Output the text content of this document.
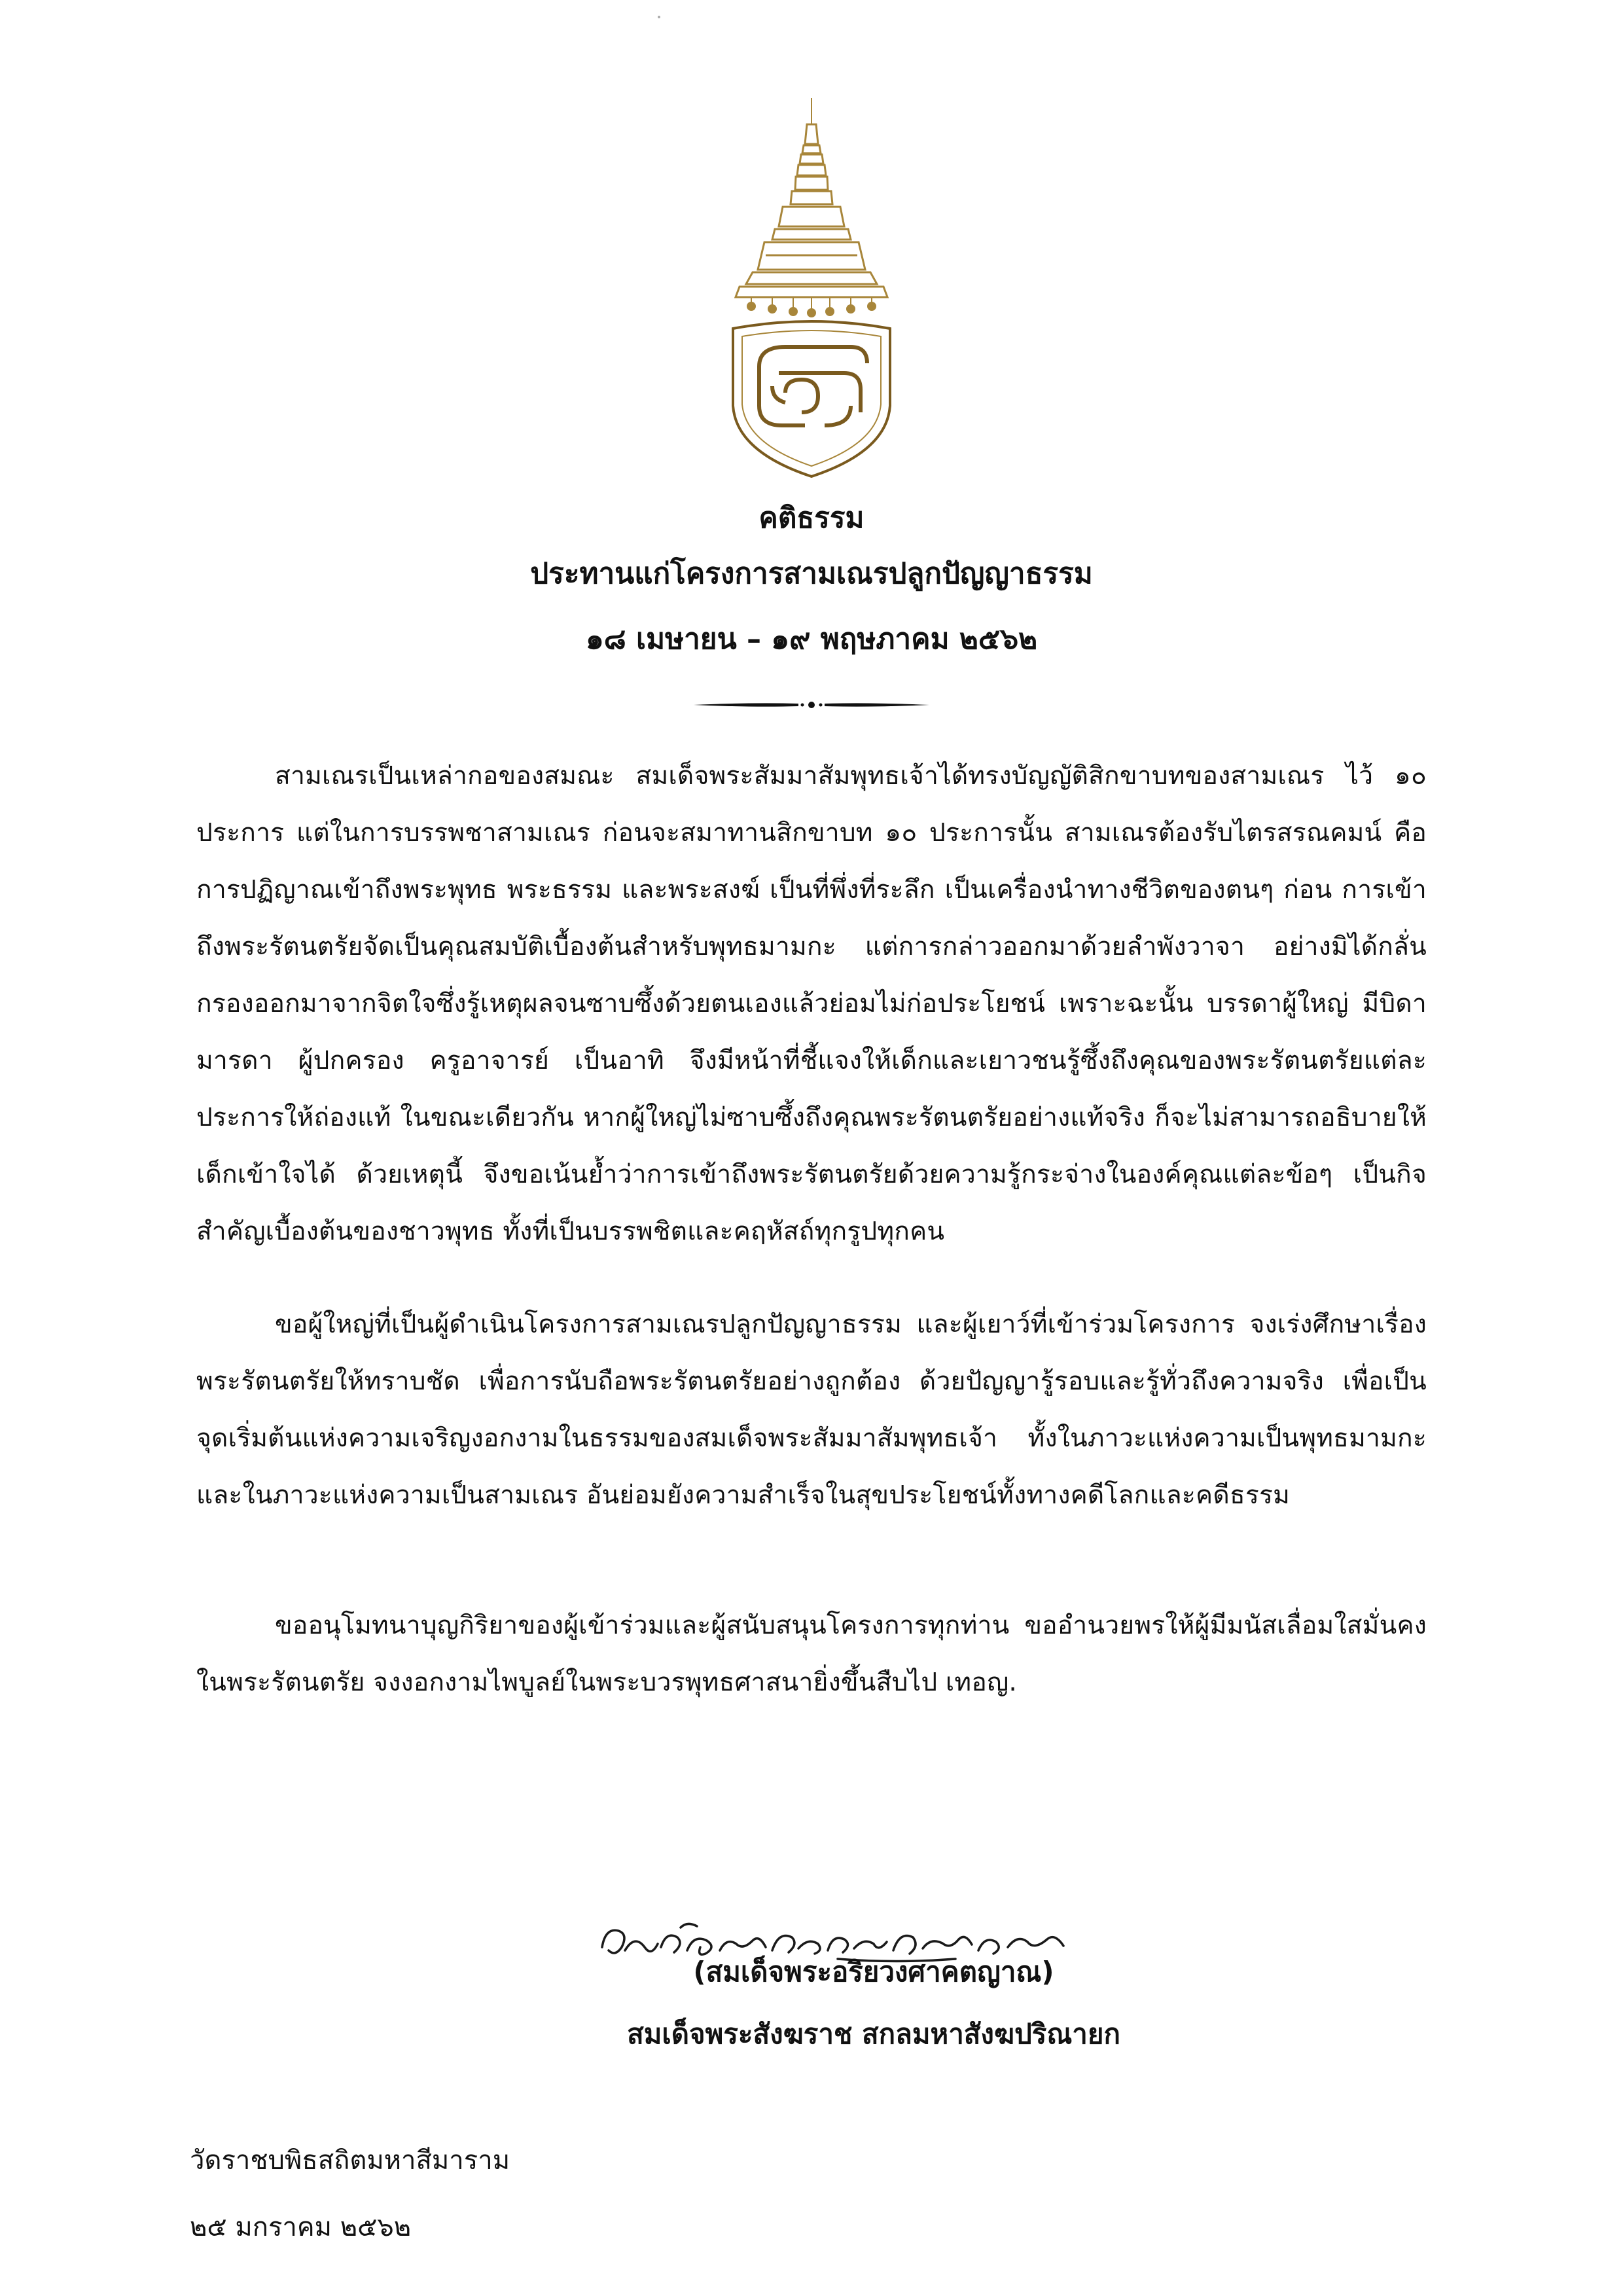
คติธรรม
ประทานแก่โครงการสามเณรปลูกปัญญาธรรม
๑๘ เมษายน – ๑๙ พฤษภาคม ๒๕๖๒

สามเณรเป็นเหล่ากอของสมณะ สมเด็จพระสัมมาสัมพุทธเจ้าได้ทรงบัญญัติสิกขาบทของสามเณร ไว้ ๑๐ ประการ แต่ในการบรรพชาสามเณร ก่อนจะสมาทานสิกขาบท ๑๐ ประการนั้น สามเณรต้องรับไตรสรณคมน์ คือการปฏิญาณเข้าถึงพระพุทธ พระธรรม และพระสงฆ์ เป็นที่พึ่งที่ระลึก เป็นเครื่องนำทางชีวิตของตนๆ ก่อน การเข้าถึงพระรัตนตรัยจัดเป็นคุณสมบัติเบื้องต้นสำหรับพุทธมามกะ แต่การกล่าวออกมาด้วยลำพังวาจา อย่างมิได้กลั่นกรองออกมาจากจิตใจซึ่งรู้เหตุผลจนซาบซึ้งด้วยตนเองแล้วย่อมไม่ก่อประโยชน์ เพราะฉะนั้น บรรดาผู้ใหญ่ มีบิดามารดา ผู้ปกครอง ครูอาจารย์ เป็นอาทิ จึงมีหน้าที่ชี้แจงให้เด็กและเยาวชนรู้ซึ้งถึงคุณของพระรัตนตรัยแต่ละประการให้ถ่องแท้ ในขณะเดียวกัน หากผู้ใหญ่ไม่ซาบซึ้งถึงคุณพระรัตนตรัยอย่างแท้จริง ก็จะไม่สามารถอธิบายให้เด็กเข้าใจได้ ด้วยเหตุนี้ จึงขอเน้นย้ำว่าการเข้าถึงพระรัตนตรัยด้วยความรู้กระจ่างในองค์คุณแต่ละข้อๆ เป็นกิจสำคัญเบื้องต้นของชาวพุทธ ทั้งที่เป็นบรรพชิตและคฤหัสถ์ทุกรูปทุกคน

ขอผู้ใหญ่ที่เป็นผู้ดำเนินโครงการสามเณรปลูกปัญญาธรรม และผู้เยาว์ที่เข้าร่วมโครงการ จงเร่งศึกษาเรื่องพระรัตนตรัยให้ทราบชัด เพื่อการนับถือพระรัตนตรัยอย่างถูกต้อง ด้วยปัญญารู้รอบและรู้ทั่วถึงความจริง เพื่อเป็นจุดเริ่มต้นแห่งความเจริญงอกงามในธรรมของสมเด็จพระสัมมาสัมพุทธเจ้า ทั้งในภาวะแห่งความเป็นพุทธมามกะและในภาวะแห่งความเป็นสามเณร อันย่อมยังความสำเร็จในสุขประโยชน์ทั้งทางคดีโลกและคดีธรรม

ขออนุโมทนาบุญกิริยาของผู้เข้าร่วมและผู้สนับสนุนโครงการทุกท่าน ขออำนวยพรให้ผู้มีมนัสเลื่อมใสมั่นคงในพระรัตนตรัย จงงอกงามไพบูลย์ในพระบวรพุทธศาสนายิ่งขึ้นสืบไป เทอญ.

(สมเด็จพระอริยวงศาคตญาณ)
สมเด็จพระสังฆราช สกลมหาสังฆปริณายก
วัดราชบพิธสถิตมหาสีมาราม
๒๕ มกราคม ๒๕๖๒
